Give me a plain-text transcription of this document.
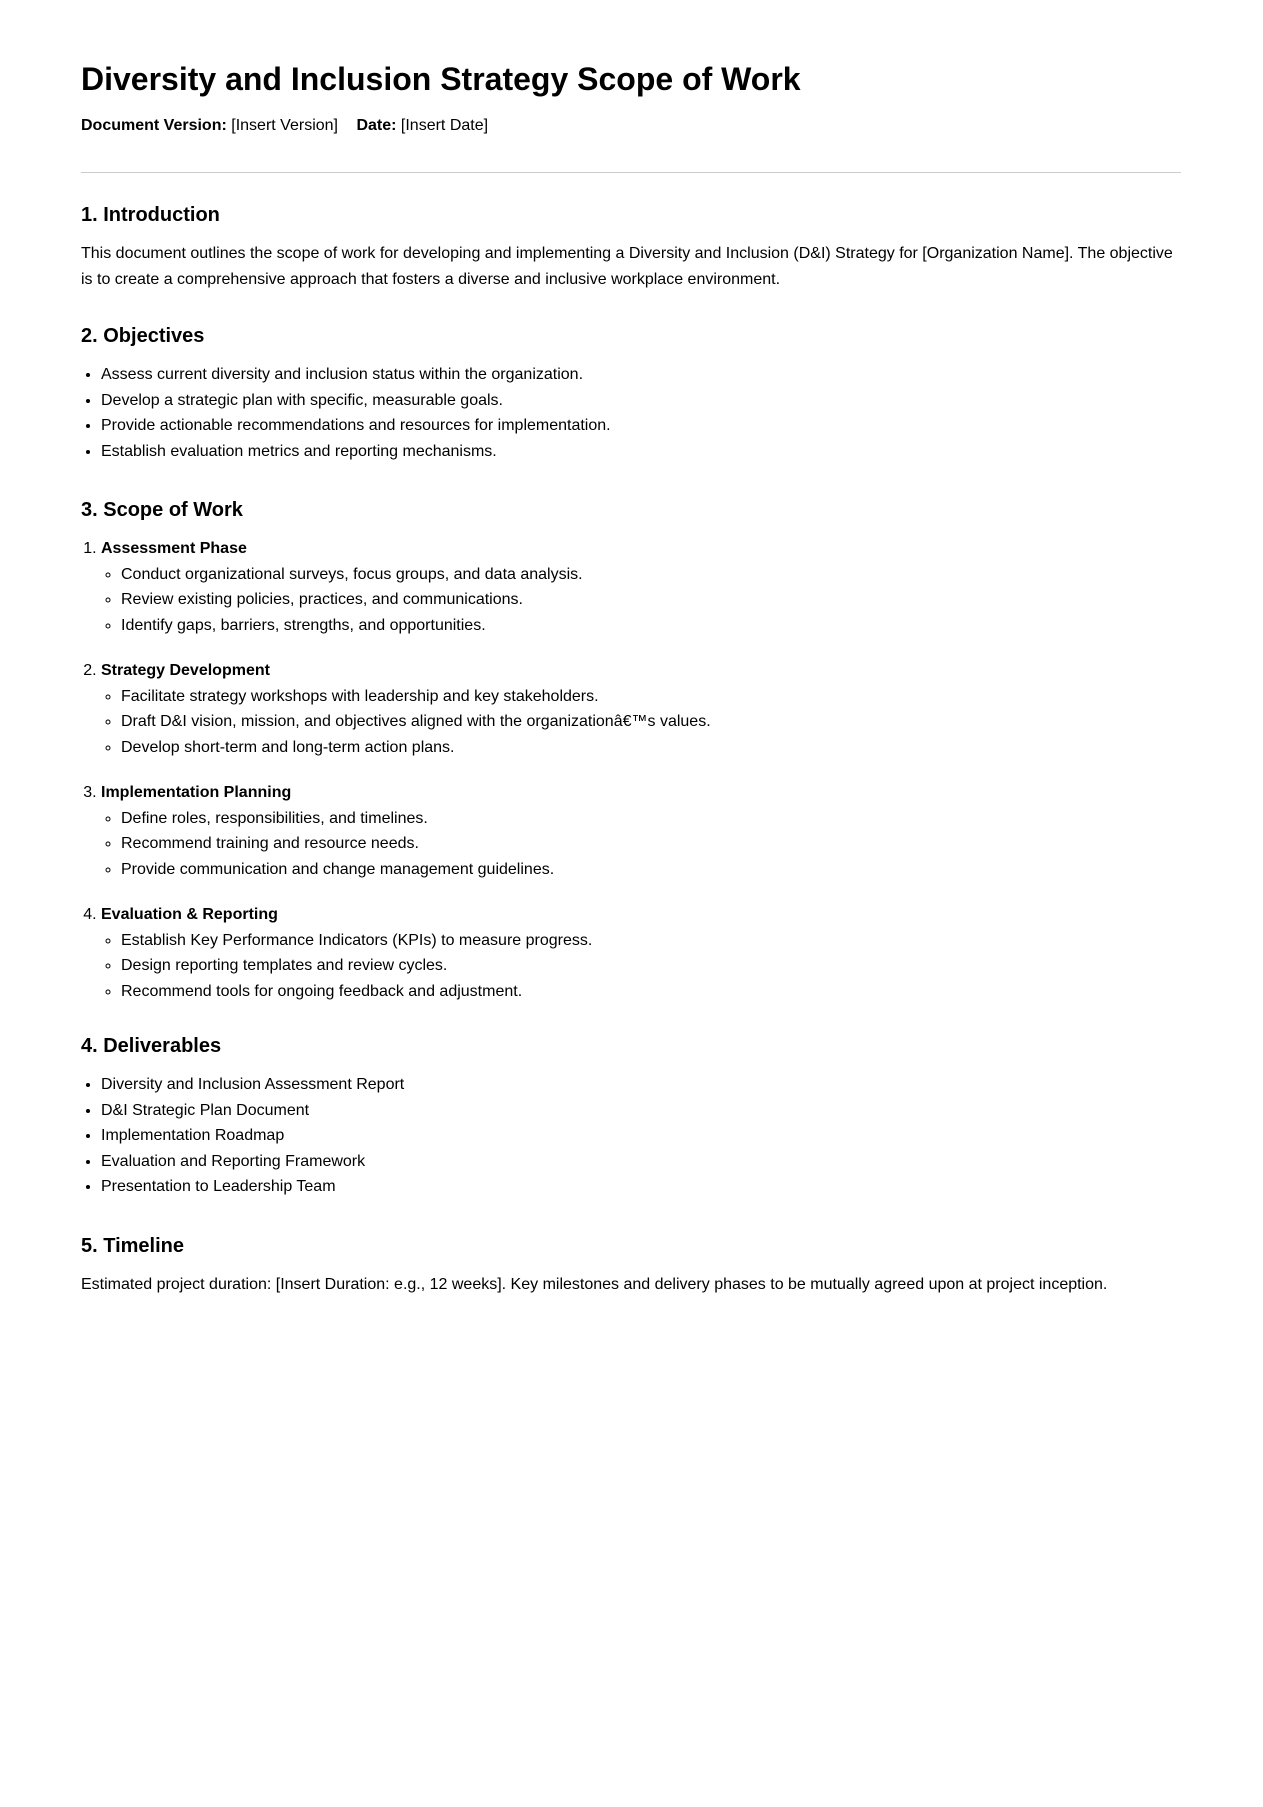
Diversity and Inclusion Strategy Scope of Work
Document Version: [Insert Version] Date: [Insert Date]
1. Introduction

This document outlines the scope of work for developing and implementing a Diversity and Inclusion (D&I) Strategy for [Organization Name]. The objective is to create a comprehensive approach that fosters a diverse and inclusive workplace environment.

2. Objectives
• Assess current diversity and inclusion status within the organization.
• Develop a strategic plan with specific, measurable goals.
• Provide actionable recommendations and resources for implementation.
• Establish evaluation metrics and reporting mechanisms.
3. Scope of Work
1. Assessment Phase
◦ Conduct organizational surveys, focus groups, and data analysis.
◦ Review existing policies, practices, and communications.
◦ Identify gaps, barriers, strengths, and opportunities.
2. Strategy Development
◦ Facilitate strategy workshops with leadership and key stakeholders.
◦ Draft D&I vision, mission, and objectives aligned with the organizationâ€™s values.
◦ Develop short-term and long-term action plans.
3. Implementation Planning
◦ Define roles, responsibilities, and timelines.
◦ Recommend training and resource needs.
◦ Provide communication and change management guidelines.
4. Evaluation & Reporting
◦ Establish Key Performance Indicators (KPIs) to measure progress.
◦ Design reporting templates and review cycles.
◦ Recommend tools for ongoing feedback and adjustment.
4. Deliverables
• Diversity and Inclusion Assessment Report
• D&I Strategic Plan Document
• Implementation Roadmap
• Evaluation and Reporting Framework
• Presentation to Leadership Team
5. Timeline

Estimated project duration: [Insert Duration: e.g., 12 weeks]. Key milestones and delivery phases to be mutually agreed upon at project inception.
